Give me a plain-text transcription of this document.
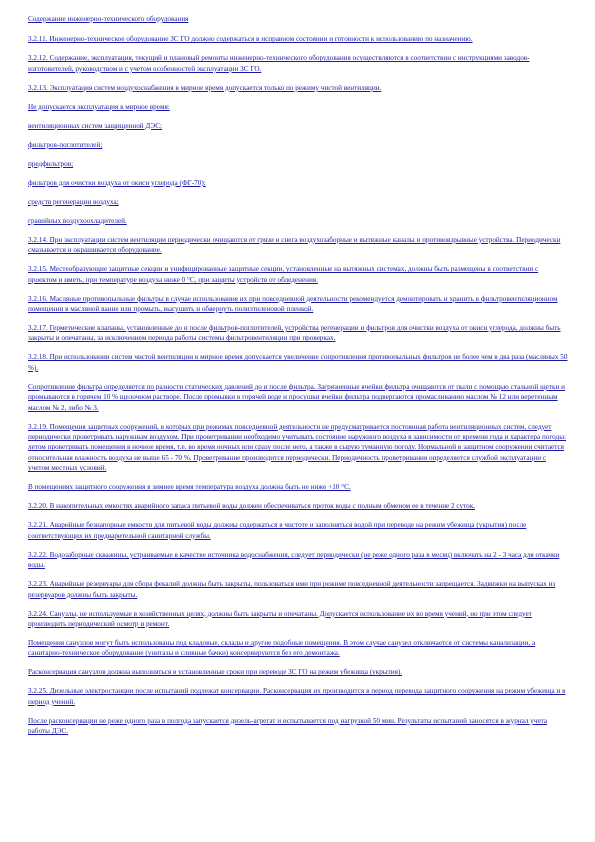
Содержание инженерно-технического оборудования

3.2.11. Инженерно-техническое оборудование ЗС ГО должно содержаться в исправном состоянии и готовности к использованию по назначению.

3.2.12. Содержание, эксплуатация, текущий и плановый ремонты инженерно-технического оборудования осуществляются в соответствии с инструкциями заводов-изготовителей, руководством и с учетом особенностей эксплуатации ЗС ГО.

3.2.13. Эксплуатация систем воздухоснабжения в мирное время допускается только по режиму чистой вентиляции.

Не допускается эксплуатация в мирное время:

вентиляционных систем защищенной ДЭС;

фильтров-поглотителей;

предфильтров;

фильтров для очистки воздуха от окиси углерода (ФГ-70);

средств регенерации воздуха;

гравийных воздухоохладителей.

3.2.14. При эксплуатации систем вентиляции периодически очищаются от грязи и снега воздухозаборные и вытяжные каналы и противовзрывные устройства. Периодически смазывается и окрашивается оборудование.

3.2.15. Местеобразующие защитные секции и унифицированные защитные секции, установленные на вытяжных системах, должны быть размещены в соответствии с проектом и иметь, при температуре воздуха ниже 0 °С, при защиты устройств от обледенения.

3.2.16. Масляные противопыльные фильтры в случае использования их при повседневной деятельности рекомендуется демонтировать и хранить в фильтровентиляционном помещении в масляной ванне или промыть, высушить и обвернуть полиэтиленовой пленкой.

3.2.17. Герметические клапаны, установленные до и после фильтров-поглотителей, устройства регенерации и фильтров для очистки воздуха от окиси углерода, должны быть закрыты и опечатаны, за исключением периода работы системы фильтровентиляции при проверках.

3.2.18. При использовании систем чистой вентиляции в мирное время допускается увеличение сопротивления противопыльных фильтров не более чем в два раза (масляных 50 %).

Сопротивление фильтра определяется по разности статических давлений до и после фильтра. Загрязненные ячейки фильтра очищаются от пыли с помощью стальной щетки и промываются в горячем 10 % щелочном растворе. После промывки в горячей воде и просушки ячейки фильтра подвергаются промасливанию маслом № 12 или веретенным маслом № 2, либо № 3.

3.2.19. Помещения защитных сооружений, в которых при режимах повседневной деятельности не предусматривается постоянная работа вентиляционных систем, следует периодически проветривать наружным воздухом. При проветривании необходимо учитывать состояние наружного воздуха в зависимости от времени года и характера погоды: летом проветривать помещения в ночное время, т.е. во время ночных или сразу после него, а также в сырую туманную погоду. Нормальной в защитном сооружении считается относительная влажность воздуха не выше 65 - 70 %. Проветривание производится периодически. Периодичность проветривания определяется службой эксплуатации с учетом местных условий.

В помещениях защитного сооружения в зимнее время температура воздуха должна быть не ниже +10 °С.

3.2.20. В накопительных емкостях аварийного запаса питьевой воды должен обеспечиваться проток воды с полным обменом ее в течение 2 суток.

3.2.21. Аварийные безнапорные емкости для питьевой воды должны содержаться в чистоте и заполняться водой при переводе на режим убежища (укрытия) после соответствующих их предварительной санитарной службы.

3.2.22. Водозаборные скважины, устраиваемые в качестве источника водоснабжения, следует периодически (не реже одного раза в месяц) включать на 2 - 3 часа для откачки воды.

3.2.23. Аварийные резервуары для сбора фекалий должны быть закрыты, пользоваться ими при режиме повседневной деятельности запрещается. Задвижки на выпусках из резервуаров должны быть закрыты.

3.2.24. Санузлы, не используемые в хозяйственных целях, должны быть закрыты и опечатаны. Допускается использование их во время учений, но при этом следует производить периодический осмотр и ремонт.

Помещения санузлов могут быть использованы под кладовые, склады и другие подобные помещения. В этом случае санузел отключается от системы канализации, а санитарно-техническое оборудование (унитазы и сливные бачки) консервируются без его демонтажа.

Расконсервация санузлов должна выполняться в установленные сроки при переводе ЗС ГО на режим убежища (укрытия).

3.2.25. Дизельные электростанции после испытаний подлежат консервации. Расконсервация их производится в период перевода защитного сооружения на режим убежища и в период учений.

После расконсервации не реже одного раза в полгода запускается дизель-агрегат и испытывается под нагрузкой 50 мин. Результаты испытаний заносятся в журнал учета работы ДЭС.
